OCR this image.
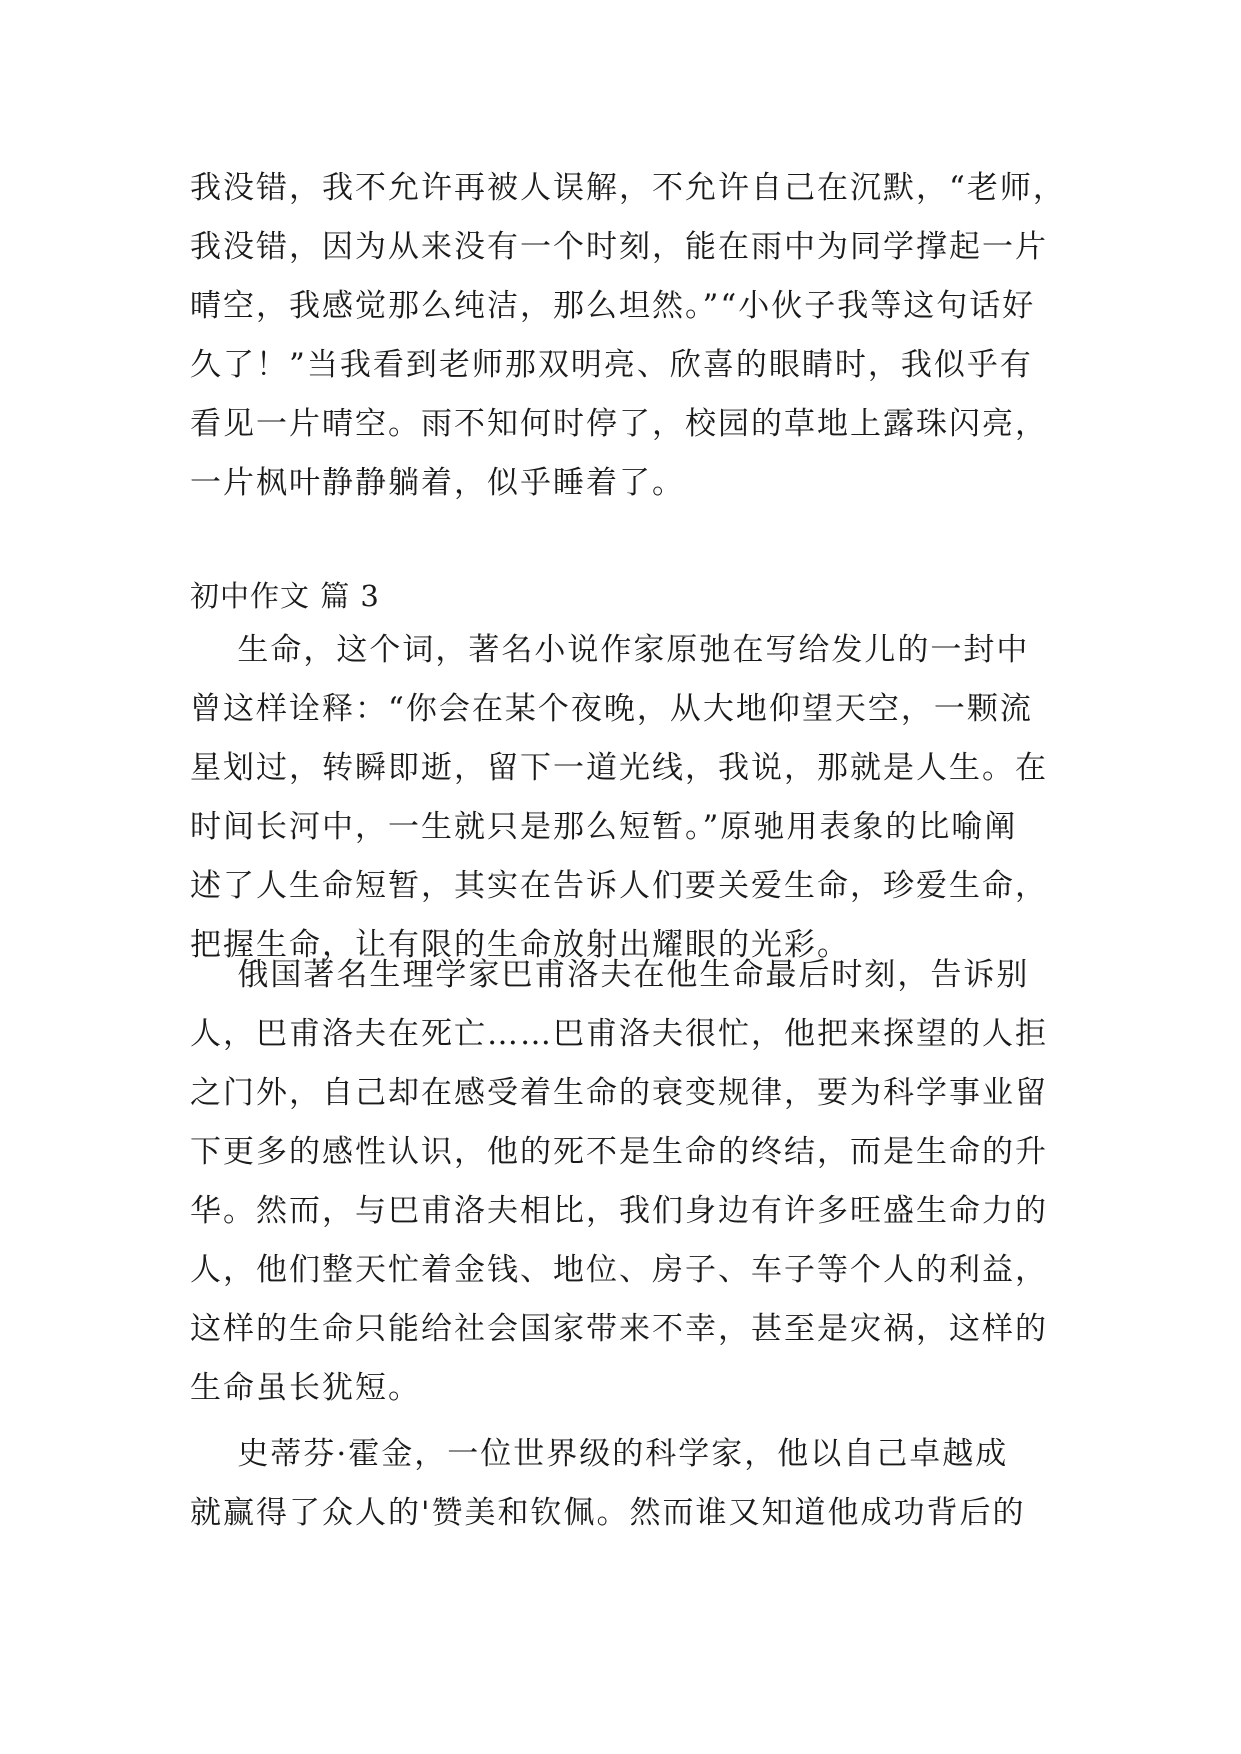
我没错，我不允许再被人误解，不允许自己在沉默，“老师，
我没错，因为从来没有一个时刻，能在雨中为同学撑起一片
晴空，我感觉那么纯洁，那么坦然。”“小伙子我等这句话好
久了！”当我看到老师那双明亮、欣喜的眼睛时，我似乎有
看见一片晴空。雨不知何时停了，校园的草地上露珠闪亮，
一片枫叶静静躺着，似乎睡着了。
初中作文 篇 3
生命，这个词，著名小说作家原弛在写给发儿的一封中
曾这样诠释：“你会在某个夜晚，从大地仰望天空，一颗流
星划过，转瞬即逝，留下一道光线，我说，那就是人生。在
时间长河中，一生就只是那么短暂。”原驰用表象的比喻阐
述了人生命短暂，其实在告诉人们要关爱生命，珍爱生命，
把握生命，让有限的生命放射出耀眼的光彩。
俄国著名生理学家巴甫洛夫在他生命最后时刻，告诉别
人，巴甫洛夫在死亡……巴甫洛夫很忙，他把来探望的人拒
之门外，自己却在感受着生命的衰变规律，要为科学事业留
下更多的感性认识，他的死不是生命的终结，而是生命的升
华。然而，与巴甫洛夫相比，我们身边有许多旺盛生命力的
人，他们整天忙着金钱、地位、房子、车子等个人的利益，
这样的生命只能给社会国家带来不幸，甚至是灾祸，这样的
生命虽长犹短。
史蒂芬·霍金，一位世界级的科学家，他以自己卓越成
就赢得了众人的'赞美和钦佩。然而谁又知道他成功背后的
